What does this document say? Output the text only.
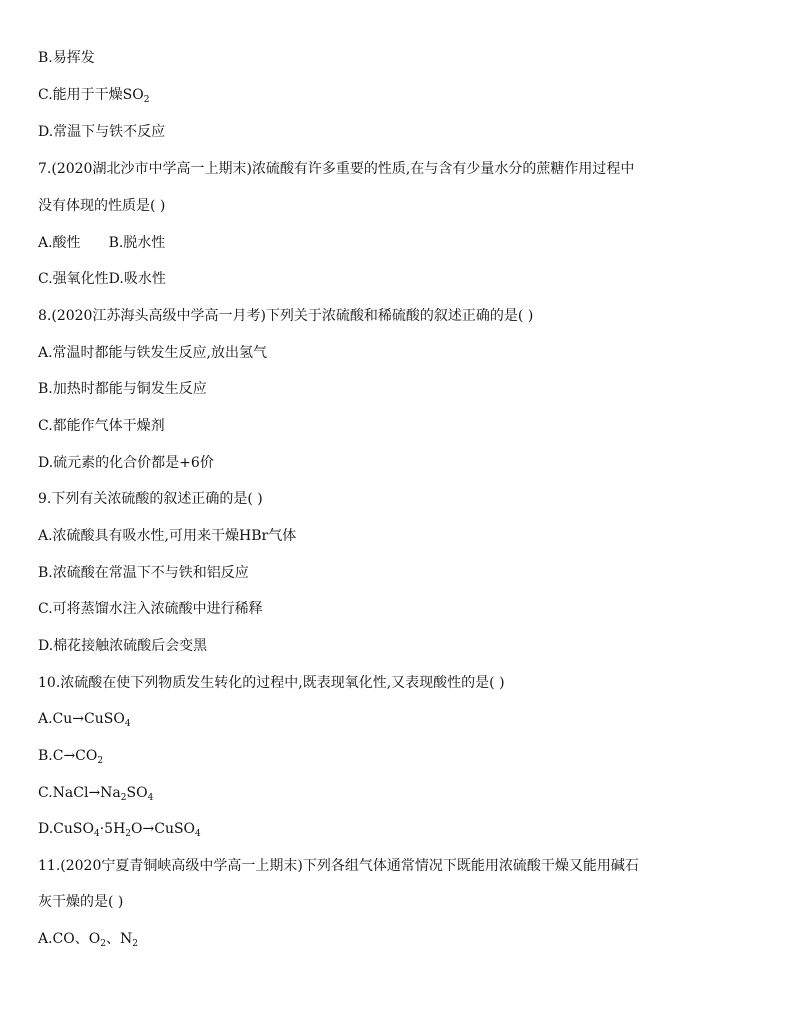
B.易挥发
C.能用于干燥$SO_2$
D.常温下与铁不反应
7.(2020湖北沙市中学高一上期末)浓硫酸有许多重要的性质,在与含有少量水分的蔗糖作用过程中
没有体现的性质是( )
A.酸性 B.脱水性
C.强氧化性D.吸水性
8.(2020江苏海头高级中学高一月考)下列关于浓硫酸和稀硫酸的叙述正确的是( )
A.常温时都能与铁发生反应,放出氢气
B.加热时都能与铜发生反应
C.都能作气体干燥剂
D.硫元素的化合价都是+6价
9.下列有关浓硫酸的叙述正确的是( )
A.浓硫酸具有吸水性,可用来干燥HBr气体
B.浓硫酸在常温下不与铁和铝反应
C.可将蒸馏水注入浓硫酸中进行稀释
D.棉花接触浓硫酸后会变黑
10.浓硫酸在使下列物质发生转化的过程中,既表现氧化性,又表现酸性的是( )
A.Cu→CuSO$_4$
$B.C\to CO_2$
$C.NaCl\to Na_2SO_4$
$D.CuSO_4\cdot 5H_2O\to CuSO_4$
11.(2020宁夏青铜峡高级中学高一上期末)下列各组气体通常情况下既能用浓硫酸干燥又能用碱石
灰干燥的是( )
A.CO、$O_2$、$N_2$
